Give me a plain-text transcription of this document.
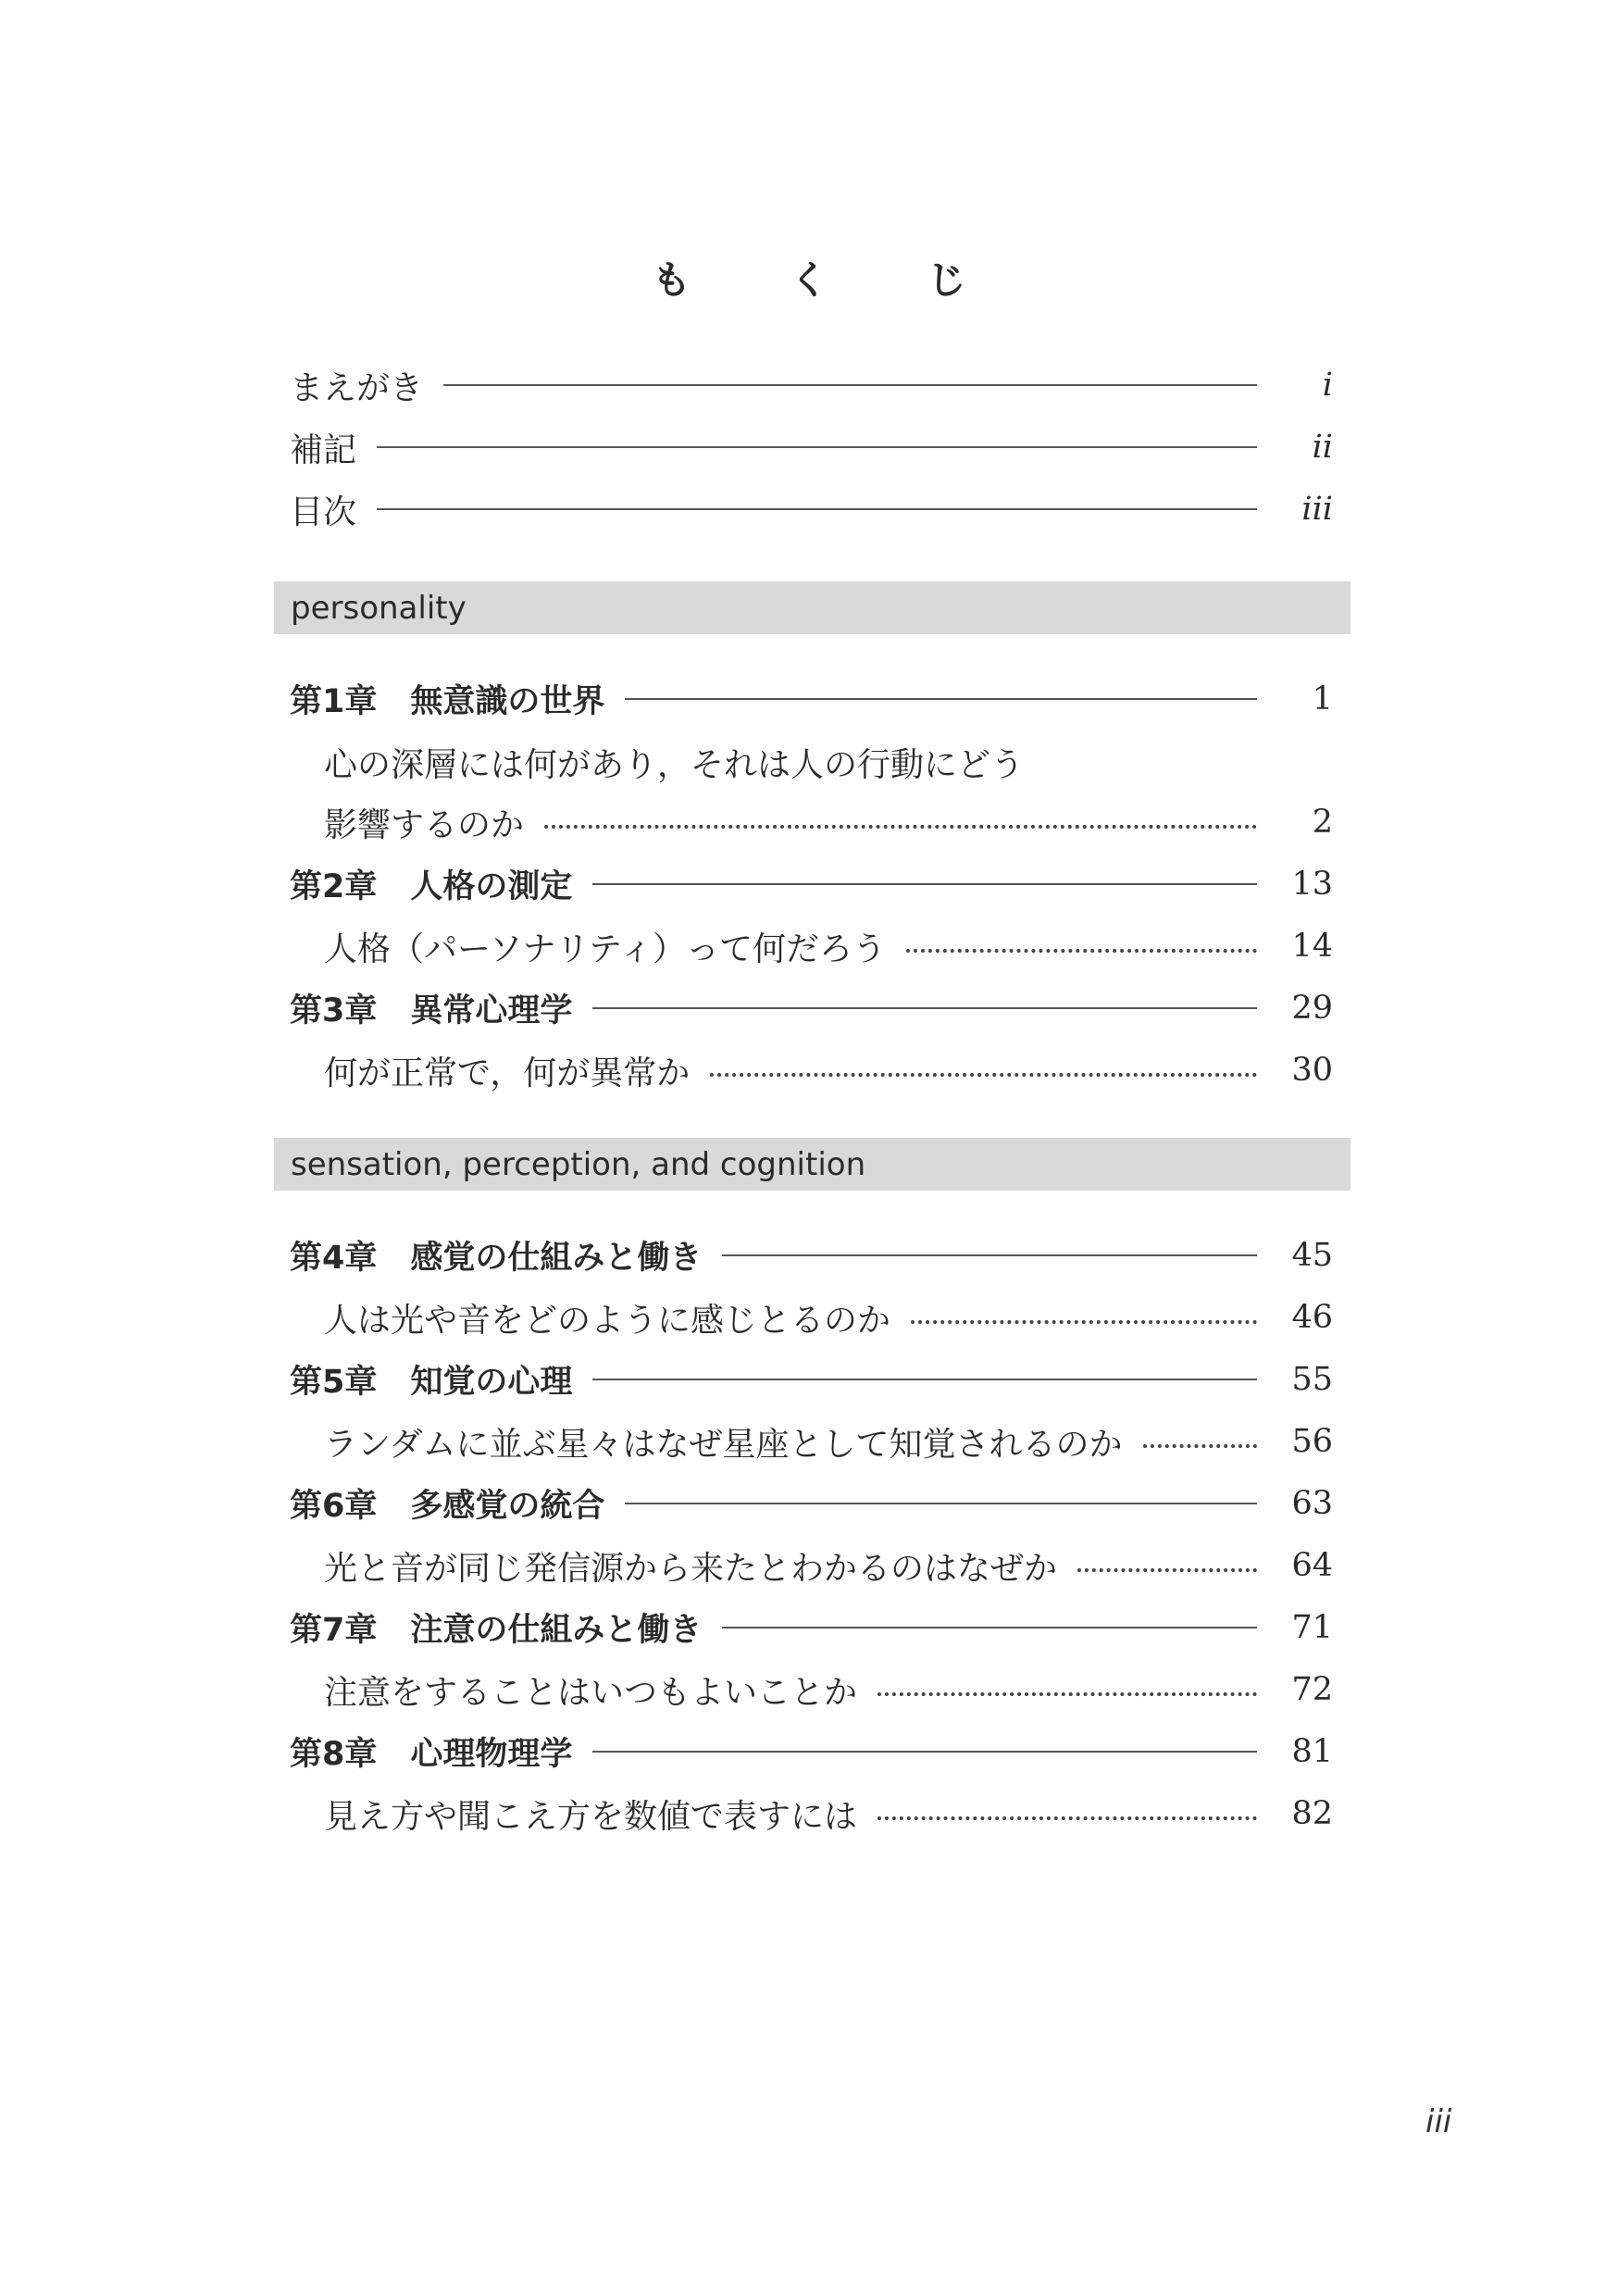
も く じ
まえがき	i
補記	ii
目次	iii
personality
第1章 無意識の世界	1
心の深層には何があり，それは人の行動にどう
影響するのか	2
第2章 人格の測定	13
人格（パーソナリティ）って何だろう	14
第3章 異常心理学	29
何が正常で，何が異常か	30
sensation, perception, and cognition
第4章 感覚の仕組みと働き	45
人は光や音をどのように感じとるのか	46
第5章 知覚の心理	55
ランダムに並ぶ星々はなぜ星座として知覚されるのか	56
第6章 多感覚の統合	63
光と音が同じ発信源から来たとわかるのはなぜか	64
第7章 注意の仕組みと働き	71
注意をすることはいつもよいことか	72
第8章 心理物理学	81
見え方や聞こえ方を数値で表すには	82
iii
